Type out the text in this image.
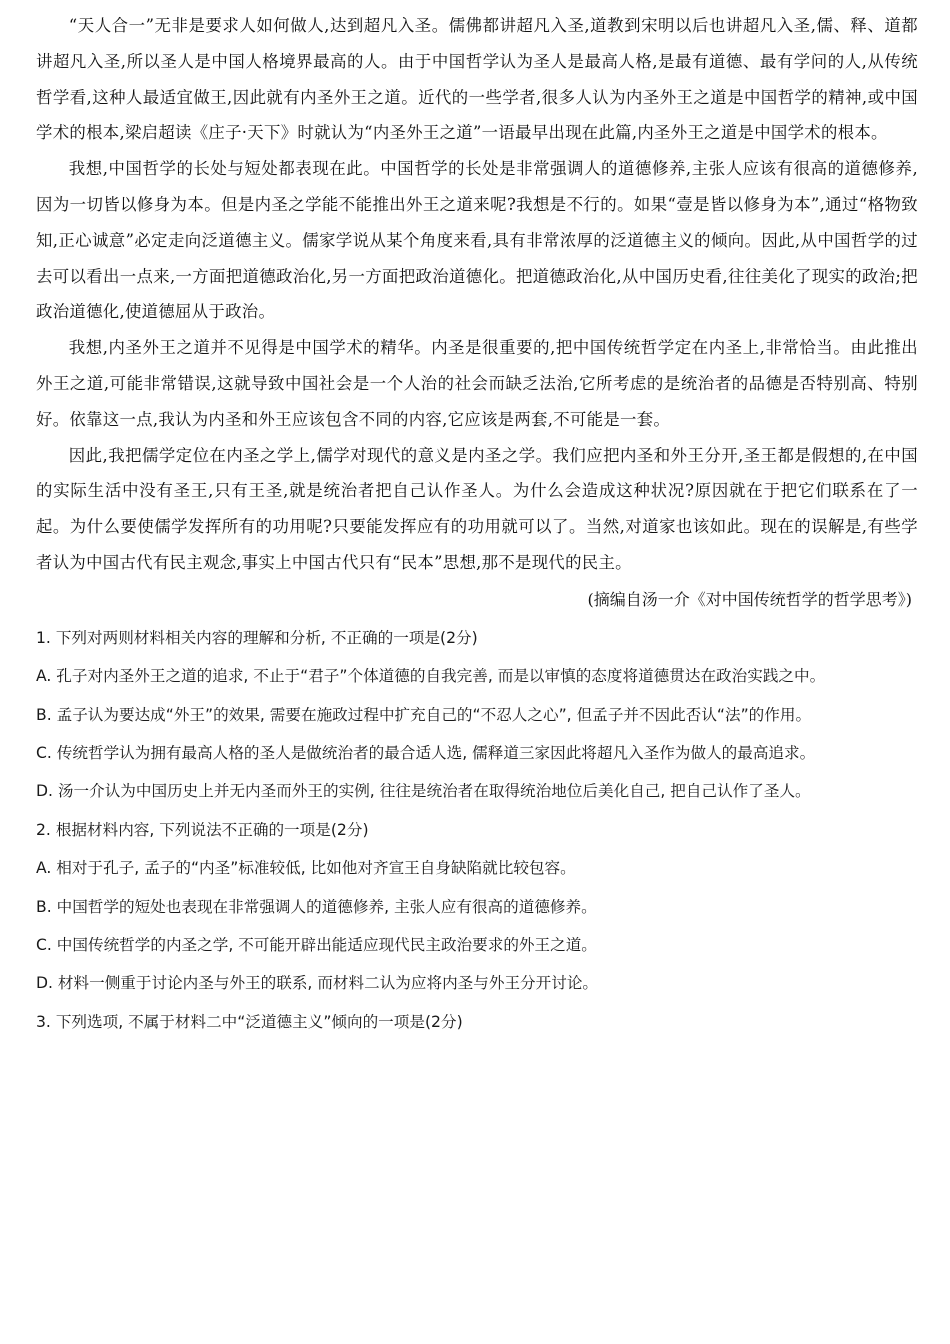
“天人合一”无非是要求人如何做人,达到超凡入圣。儒佛都讲超凡入圣,道教到宋明以后也讲超凡入圣,儒、释、道都讲超凡入圣,所以圣人是中国人格境界最高的人。由于中国哲学认为圣人是最高人格,是最有道德、最有学问的人,从传统哲学看,这种人最适宜做王,因此就有内圣外王之道。近代的一些学者,很多人认为内圣外王之道是中国哲学的精神,或中国学术的根本,梁启超读《庄子·天下》时就认为“内圣外王之道”一语最早出现在此篇,内圣外王之道是中国学术的根本。

我想,中国哲学的长处与短处都表现在此。中国哲学的长处是非常强调人的道德修养,主张人应该有很高的道德修养,因为一切皆以修身为本。但是内圣之学能不能推出外王之道来呢?我想是不行的。如果“壹是皆以修身为本”,通过“格物致知,正心诚意”必定走向泛道德主义。儒家学说从某个角度来看,具有非常浓厚的泛道德主义的倾向。因此,从中国哲学的过去可以看出一点来,一方面把道德政治化,另一方面把政治道德化。把道德政治化,从中国历史看,往往美化了现实的政治;把政治道德化,使道德屈从于政治。

我想,内圣外王之道并不见得是中国学术的精华。内圣是很重要的,把中国传统哲学定在内圣上,非常恰当。由此推出外王之道,可能非常错误,这就导致中国社会是一个人治的社会而缺乏法治,它所考虑的是统治者的品德是否特别高、特别好。依靠这一点,我认为内圣和外王应该包含不同的内容,它应该是两套,不可能是一套。

因此,我把儒学定位在内圣之学上,儒学对现代的意义是内圣之学。我们应把内圣和外王分开,圣王都是假想的,在中国的实际生活中没有圣王,只有王圣,就是统治者把自己认作圣人。为什么会造成这种状况?原因就在于把它们联系在了一起。为什么要使儒学发挥所有的功用呢?只要能发挥应有的功用就可以了。当然,对道家也该如此。现在的误解是,有些学者认为中国古代有民主观念,事实上中国古代只有“民本”思想,那不是现代的民主。

(摘编自汤一介《对中国传统哲学的哲学思考》)

1. 下列对两则材料相关内容的理解和分析, 不正确的一项是(2分)

A. 孔子对内圣外王之道的追求, 不止于“君子”个体道德的自我完善, 而是以审慎的态度将道德贯达在政治实践之中。

B. 孟子认为要达成“外王”的效果, 需要在施政过程中扩充自己的“不忍人之心”, 但孟子并不因此否认“法”的作用。

C. 传统哲学认为拥有最高人格的圣人是做统治者的最合适人选, 儒释道三家因此将超凡入圣作为做人的最高追求。

D. 汤一介认为中国历史上并无内圣而外王的实例, 往往是统治者在取得统治地位后美化自己, 把自己认作了圣人。

2. 根据材料内容, 下列说法不正确的一项是(2分)

A. 相对于孔子, 孟子的“内圣”标准较低, 比如他对齐宣王自身缺陷就比较包容。

B. 中国哲学的短处也表现在非常强调人的道德修养, 主张人应有很高的道德修养。

C. 中国传统哲学的内圣之学, 不可能开辟出能适应现代民主政治要求的外王之道。

D. 材料一侧重于讨论内圣与外王的联系, 而材料二认为应将内圣与外王分开讨论。

3. 下列选项, 不属于材料二中“泛道德主义”倾向的一项是(2分)
